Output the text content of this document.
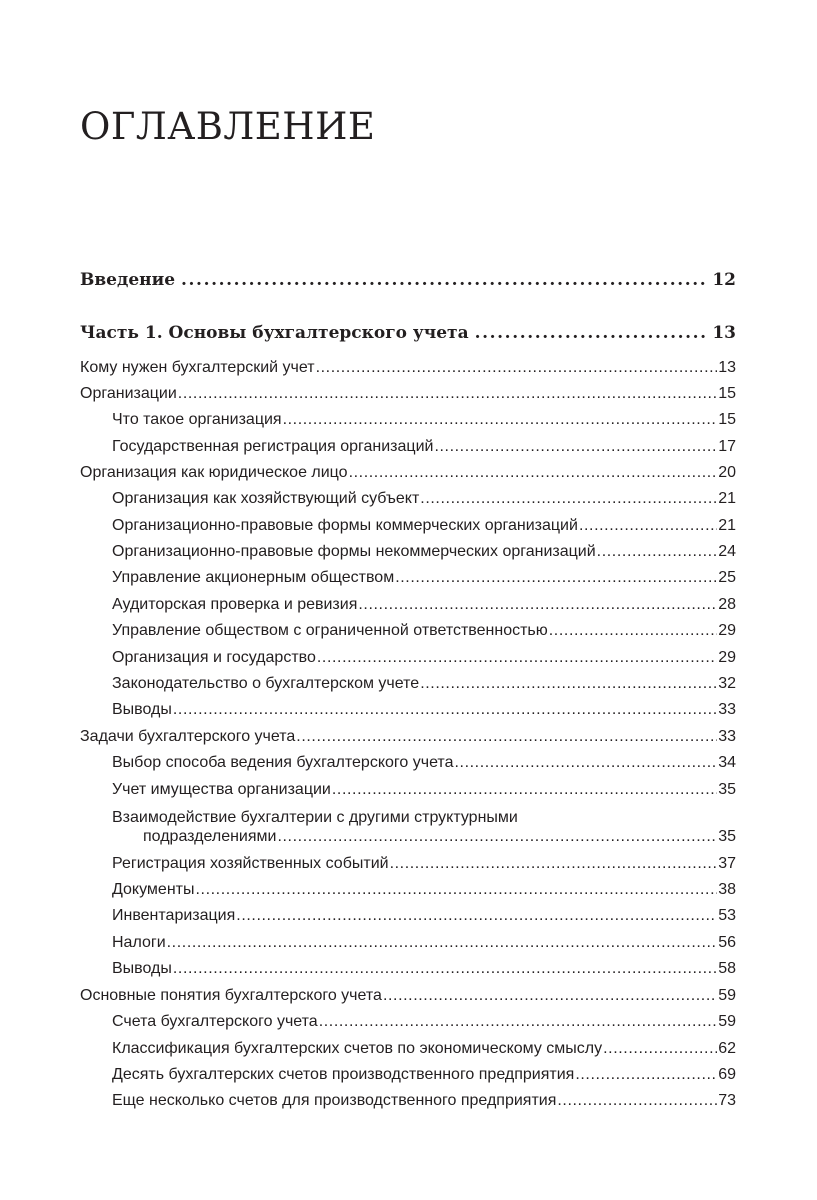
ОГЛАВЛЕНИЕ
Введение .....	12
Часть 1. Основы бухгалтерского учета .....	13
Кому нужен бухгалтерский учет .....	13
Организации .....	15
Что такое организация .....	15
Государственная регистрация организаций .....	17
Организация как юридическое лицо .....	20
Организация как хозяйствующий субъект .....	21
Организационно-правовые формы коммерческих организаций .....	21
Организационно-правовые формы некоммерческих организаций .....	24
Управление акционерным обществом .....	25
Аудиторская проверка и ревизия .....	28
Управление обществом с ограниченной ответственностью .....	29
Организация и государство .....	29
Законодательство о бухгалтерском учете .....	32
Выводы .....	33
Задачи бухгалтерского учета .....	33
Выбор способа ведения бухгалтерского учета .....	34
Учет имущества организации .....	35
Взаимодействие бухгалтерии с другими структурными
подразделениями .....	35
Регистрация хозяйственных событий .....	37
Документы .....	38
Инвентаризация .....	53
Налоги .....	56
Выводы .....	58
Основные понятия бухгалтерского учета .....	59
Счета бухгалтерского учета .....	59
Классификация бухгалтерских счетов по экономическому смыслу .....	62
Десять бухгалтерских счетов производственного предприятия .....	69
Еще несколько счетов для производственного предприятия .....	73
